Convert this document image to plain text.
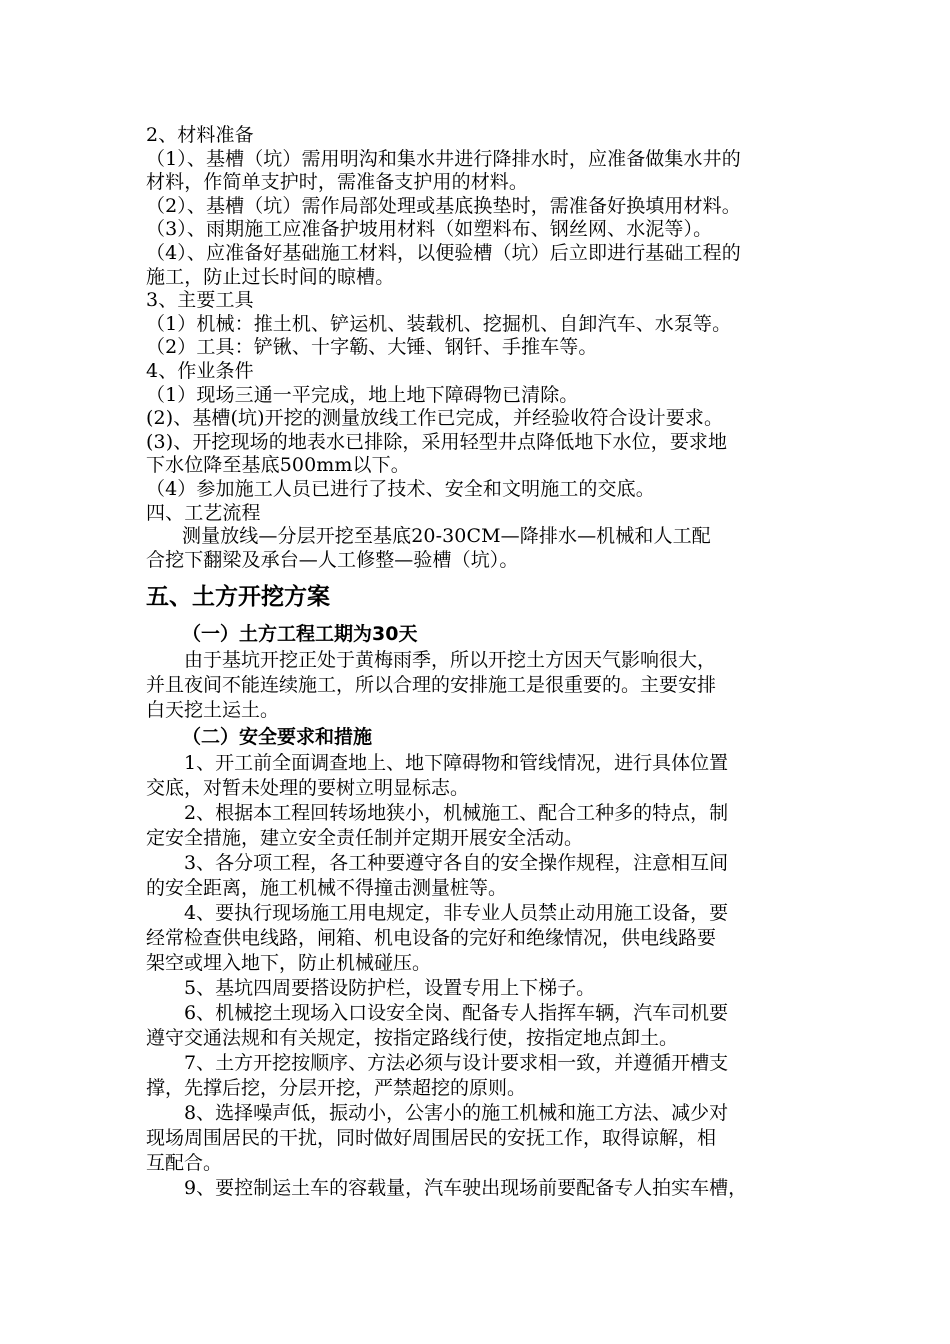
2、材料准备
（1）、基槽（坑）需用明沟和集水井进行降排水时，应准备做集水井的
材料，作简单支护时，需准备支护用的材料。
（2）、基槽（坑）需作局部处理或基底换垫时，需准备好换填用材料。
（3）、雨期施工应准备护坡用材料（如塑料布、钢丝网、水泥等）。
（4）、应准备好基础施工材料，以便验槽（坑）后立即进行基础工程的
施工，防止过长时间的晾槽。
3、主要工具
（1）机械：推土机、铲运机、装载机、挖掘机、自卸汽车、水泵等。
（2）工具：铲锹、十字簕、大锤、钢钎、手推车等。
4、作业条件
（1）现场三通一平完成，地上地下障碍物已清除。
(2)、基槽(坑)开挖的测量放线工作已完成，并经验收符合设计要求。
(3)、开挖现场的地表水已排除，采用轻型井点降低地下水位，要求地
下水位降至基底500mm以下。
（4）参加施工人员已进行了技术、安全和文明施工的交底。
四、工艺流程
测量放线—分层开挖至基底20-30CM—降排水—机械和人工配
合挖下翻梁及承台—人工修整—验槽（坑）。
五、土方开挖方案
（一）土方工程工期为30天
由于基坑开挖正处于黄梅雨季，所以开挖土方因天气影响很大，
并且夜间不能连续施工，所以合理的安排施工是很重要的。主要安排
白天挖土运土。
（二）安全要求和措施
1、开工前全面调查地上、地下障碍物和管线情况，进行具体位置
交底，对暂未处理的要树立明显标志。
2、根据本工程回转场地狭小，机械施工、配合工种多的特点，制
定安全措施，建立安全责任制并定期开展安全活动。
3、各分项工程，各工种要遵守各自的安全操作规程，注意相互间
的安全距离，施工机械不得撞击测量桩等。
4、要执行现场施工用电规定，非专业人员禁止动用施工设备，要
经常检查供电线路，闸箱、机电设备的完好和绝缘情况，供电线路要
架空或埋入地下，防止机械碰压。
5、基坑四周要搭设防护栏，设置专用上下梯子。
6、机械挖土现场入口设安全岗、配备专人指挥车辆，汽车司机要
遵守交通法规和有关规定，按指定路线行使，按指定地点卸土。
7、土方开挖按顺序、方法必须与设计要求相一致，并遵循开槽支
撑，先撑后挖，分层开挖，严禁超挖的原则。
8、选择噪声低，振动小，公害小的施工机械和施工方法、减少对
现场周围居民的干扰，同时做好周围居民的安抚工作，取得谅解，相
互配合。
9、要控制运土车的容载量，汽车驶出现场前要配备专人拍实车槽，
